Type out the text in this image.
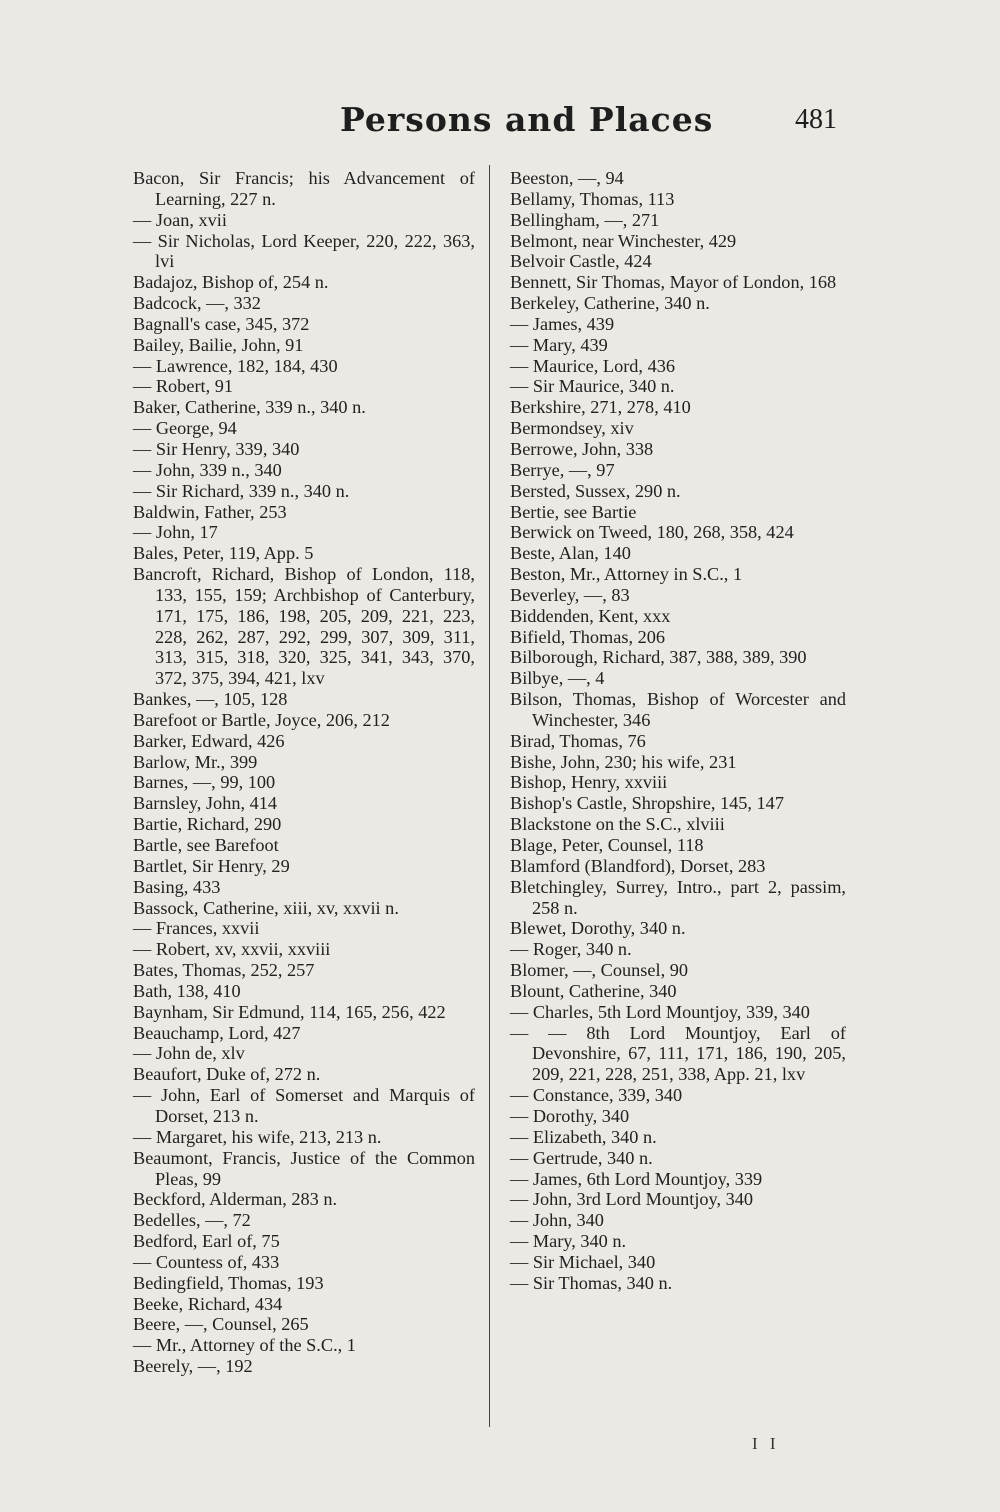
Persons and Places	481
Bacon, Sir Francis; his Advancement of Learning, 227 n.
— Joan, xvii
— Sir Nicholas, Lord Keeper, 220, 222, 363, lvi
Badajoz, Bishop of, 254 n.
Badcock, —, 332
Bagnall's case, 345, 372
Bailey, Bailie, John, 91
— Lawrence, 182, 184, 430
— Robert, 91
Baker, Catherine, 339 n., 340 n.
— George, 94
— Sir Henry, 339, 340
— John, 339 n., 340
— Sir Richard, 339 n., 340 n.
Baldwin, Father, 253
— John, 17
Bales, Peter, 119, App. 5
Bancroft, Richard, Bishop of London, 118, 133, 155, 159; Archbishop of Canterbury, 171, 175, 186, 198, 205, 209, 221, 223, 228, 262, 287, 292, 299, 307, 309, 311, 313, 315, 318, 320, 325, 341, 343, 370, 372, 375, 394, 421, lxv
Bankes, —, 105, 128
Barefoot or Bartle, Joyce, 206, 212
Barker, Edward, 426
Barlow, Mr., 399
Barnes, —, 99, 100
Barnsley, John, 414
Bartie, Richard, 290
Bartle, see Barefoot
Bartlet, Sir Henry, 29
Basing, 433
Bassock, Catherine, xiii, xv, xxvii n.
— Frances, xxvii
— Robert, xv, xxvii, xxviii
Bates, Thomas, 252, 257
Bath, 138, 410
Baynham, Sir Edmund, 114, 165, 256, 422
Beauchamp, Lord, 427
— John de, xlv
Beaufort, Duke of, 272 n.
— John, Earl of Somerset and Marquis of Dorset, 213 n.
— Margaret, his wife, 213, 213 n.
Beaumont, Francis, Justice of the Common Pleas, 99
Beckford, Alderman, 283 n.
Bedelles, —, 72
Bedford, Earl of, 75
— Countess of, 433
Bedingfield, Thomas, 193
Beeke, Richard, 434
Beere, —, Counsel, 265
— Mr., Attorney of the S.C., 1
Beerely, —, 192
Beeston, —, 94
Bellamy, Thomas, 113
Bellingham, —, 271
Belmont, near Winchester, 429
Belvoir Castle, 424
Bennett, Sir Thomas, Mayor of London, 168
Berkeley, Catherine, 340 n.
— James, 439
— Mary, 439
— Maurice, Lord, 436
— Sir Maurice, 340 n.
Berkshire, 271, 278, 410
Bermondsey, xiv
Berrowe, John, 338
Berrye, —, 97
Bersted, Sussex, 290 n.
Bertie, see Bartie
Berwick on Tweed, 180, 268, 358, 424
Beste, Alan, 140
Beston, Mr., Attorney in S.C., 1
Beverley, —, 83
Biddenden, Kent, xxx
Bifield, Thomas, 206
Bilborough, Richard, 387, 388, 389, 390
Bilbye, —, 4
Bilson, Thomas, Bishop of Worcester and Winchester, 346
Birad, Thomas, 76
Bishe, John, 230; his wife, 231
Bishop, Henry, xxviii
Bishop's Castle, Shropshire, 145, 147
Blackstone on the S.C., xlviii
Blage, Peter, Counsel, 118
Blamford (Blandford), Dorset, 283
Bletchingley, Surrey, Intro., part 2, passim, 258 n.
Blewet, Dorothy, 340 n.
— Roger, 340 n.
Blomer, —, Counsel, 90
Blount, Catherine, 340
— Charles, 5th Lord Mountjoy, 339, 340
— — 8th Lord Mountjoy, Earl of Devonshire, 67, 111, 171, 186, 190, 205, 209, 221, 228, 251, 338, App. 21, lxv
— Constance, 339, 340
— Dorothy, 340
— Elizabeth, 340 n.
— Gertrude, 340 n.
— James, 6th Lord Mountjoy, 339
— John, 3rd Lord Mountjoy, 340
— John, 340
— Mary, 340 n.
— Sir Michael, 340
— Sir Thomas, 340 n.
I I
